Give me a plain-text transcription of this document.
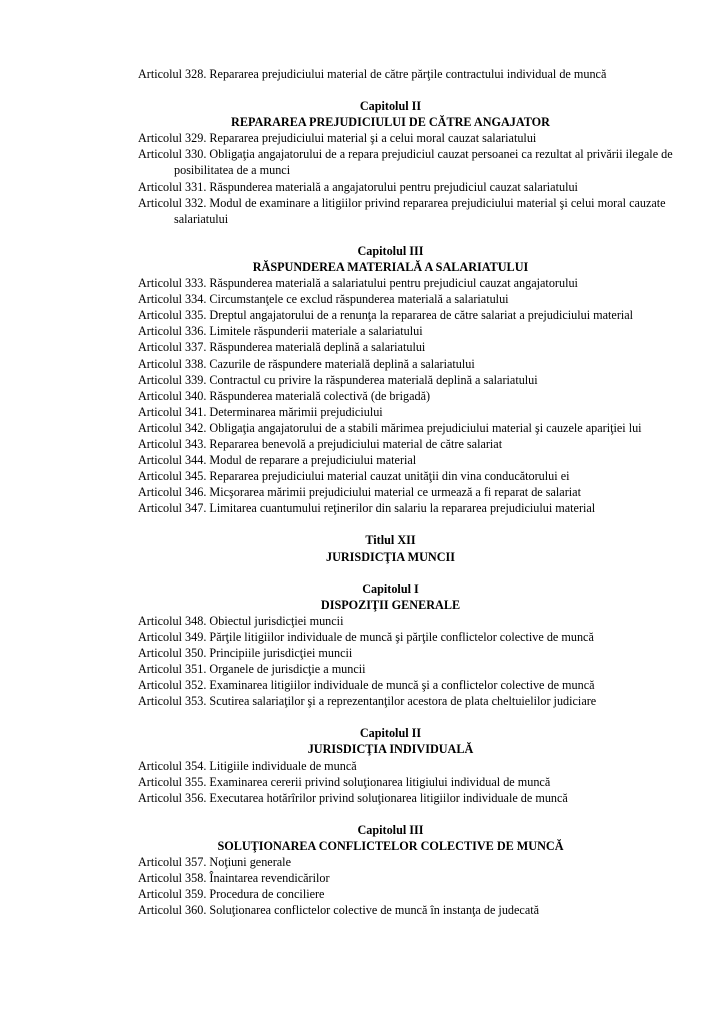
Articolul 328. Repararea prejudiciului material de către părţile contractului individual de muncă
Capitolul II
REPARAREA PREJUDICIULUI DE CĂTRE ANGAJATOR
Articolul 329. Repararea prejudiciului material şi a celui moral cauzat salariatului
Articolul 330. Obligaţia angajatorului de a repara prejudiciul cauzat persoanei ca rezultat al privării ilegale de posibilitatea de a munci
Articolul 331. Răspunderea materială a angajatorului pentru prejudiciul cauzat salariatului
Articolul 332. Modul de examinare a litigiilor privind repararea prejudiciului material şi celui moral cauzate salariatului
Capitolul III
RĂSPUNDEREA MATERIALĂ A SALARIATULUI
Articolul 333. Răspunderea materială a salariatului pentru prejudiciul cauzat angajatorului
Articolul 334. Circumstanţele ce exclud răspunderea materială a salariatului
Articolul 335. Dreptul angajatorului de a renunţa la repararea de către salariat a prejudiciului material
Articolul 336. Limitele răspunderii materiale a salariatului
Articolul 337. Răspunderea materială deplină a salariatului
Articolul 338. Cazurile de răspundere materială deplină a salariatului
Articolul 339. Contractul cu privire la răspunderea materială deplină a salariatului
Articolul 340. Răspunderea materială colectivă (de brigadă)
Articolul 341. Determinarea mărimii prejudiciului
Articolul 342. Obligaţia angajatorului de a stabili mărimea prejudiciului material şi cauzele apariţiei lui
Articolul 343. Repararea benevolă a prejudiciului material de către salariat
Articolul 344. Modul de reparare a prejudiciului material
Articolul 345. Repararea prejudiciului material cauzat unităţii din vina conducătorului ei
Articolul 346. Micşorarea mărimii prejudiciului material ce urmează a fi reparat de salariat
Articolul 347. Limitarea cuantumului reţinerilor din salariu la repararea prejudiciului material
Titlul XII
JURISDICŢIA MUNCII
Capitolul I
DISPOZIŢII GENERALE
Articolul 348. Obiectul jurisdicţiei muncii
Articolul 349. Părţile litigiilor individuale de muncă şi părţile conflictelor colective de muncă
Articolul 350. Principiile jurisdicţiei muncii
Articolul 351. Organele de jurisdicţie a muncii
Articolul 352. Examinarea litigiilor individuale de muncă şi a conflictelor colective de muncă
Articolul 353. Scutirea salariaţilor şi a reprezentanţilor acestora de plata cheltuielilor judiciare
Capitolul II
JURISDICŢIA INDIVIDUALĂ
Articolul 354. Litigiile individuale de muncă
Articolul 355. Examinarea cererii privind soluţionarea litigiului individual de muncă
Articolul 356. Executarea hotărîrilor privind soluţionarea litigiilor individuale de muncă
Capitolul III
SOLUŢIONAREA CONFLICTELOR COLECTIVE DE MUNCĂ
Articolul 357. Noţiuni generale
Articolul 358. Înaintarea revendicărilor
Articolul 359. Procedura de conciliere
Articolul 360. Soluţionarea conflictelor colective de muncă în instanţa de judecată
